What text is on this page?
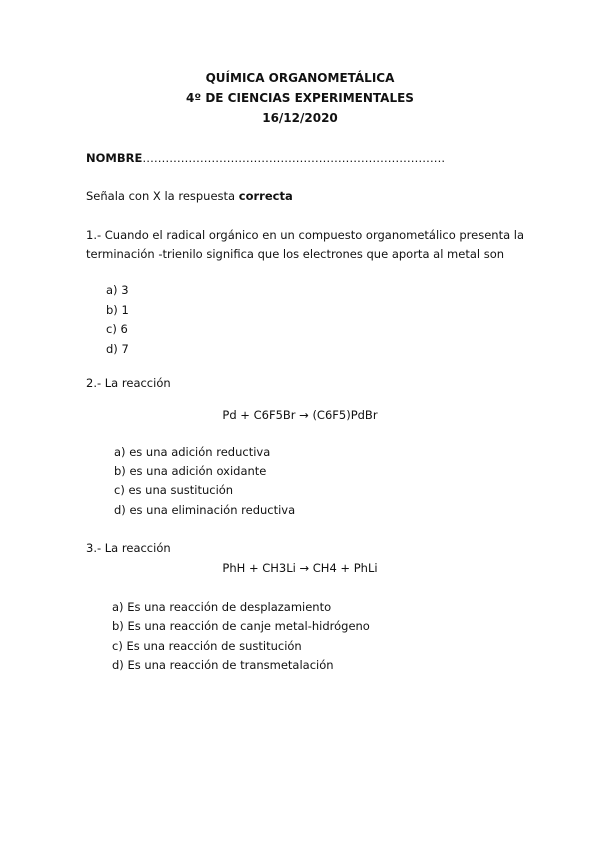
QUÍMICA ORGANOMETÁLICA
4º DE CIENCIAS EXPERIMENTALES
16/12/2020
NOMBRE…………………………………………………………………….
Señala con X la respuesta correcta
1.- Cuando el radical orgánico en un compuesto organometálico presenta la
terminación -trienilo significa que los electrones que aporta al metal son
a) 3
b) 1
c) 6
d) 7
2.- La reacción
Pd + C6F5Br → (C6F5)PdBr
a) es una adición reductiva
b) es una adición oxidante
c) es una sustitución
d) es una eliminación reductiva
3.- La reacción
PhH + CH3Li → CH4 + PhLi
a) Es una reacción de desplazamiento
b) Es una reacción de canje metal-hidrógeno
c) Es una reacción de sustitución
d) Es una reacción de transmetalación
